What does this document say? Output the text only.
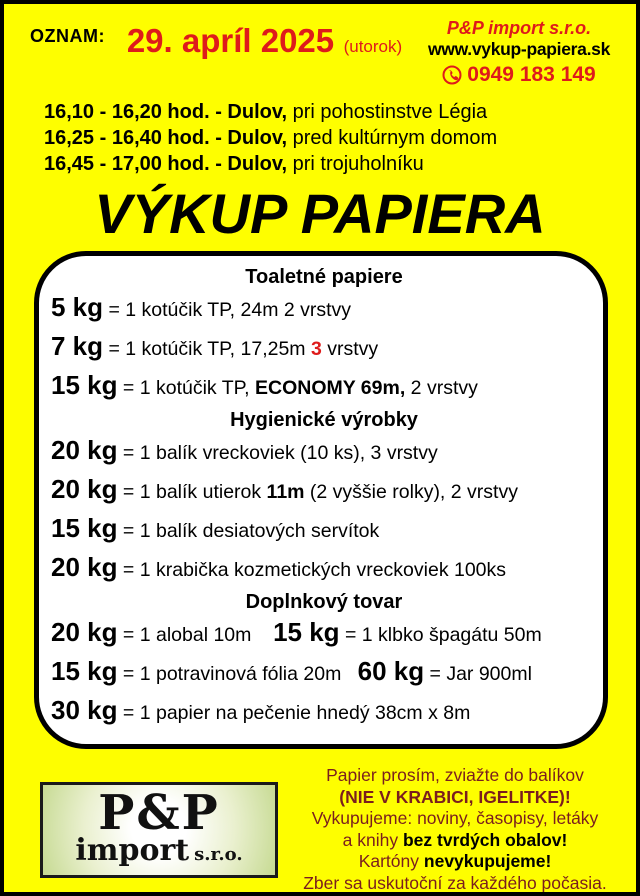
OZNAM: 29. apríl 2025 (utorok)
P&P import s.r.o.
www.vykup-papiera.sk
0949 183 149
16,10 - 16,20 hod. - Dulov, pri pohostinstve Légia
16,25 - 16,40 hod. - Dulov, pred kultúrnym domom
16,45 - 17,00 hod. - Dulov, pri trojuholníku
VÝKUP PAPIERA
Toaletné papiere
5 kg = 1 kotúčik TP, 24m 2 vrstvy
7 kg = 1 kotúčik TP, 17,25m 3 vrstvy
15 kg = 1 kotúčik TP, ECONOMY 69m, 2 vrstvy
Hygienické výrobky
20 kg = 1 balík vreckoviek (10 ks), 3 vrstvy
20 kg = 1 balík utierok 11m (2 vyššie rolky), 2 vrstvy
15 kg = 1 balík desiatových servítok
20 kg = 1 krabička kozmetických vreckoviek 100ks
Doplnkový tovar
20 kg = 1 alobal 10m 15 kg = 1 klbko špagátu 50m
15 kg = 1 potravinová fólia 20m 60 kg = Jar 900ml
30 kg = 1 papier na pečenie hnedý 38cm x 8m
P&P
import s.r.o.
Papier prosím, zviažte do balíkov
(NIE V KRABICI, IGELITKE)!
Vykupujeme: noviny, časopisy, letáky
a knihy bez tvrdých obalov!
Kartóny nevykupujeme!
Zber sa uskutoční za každého počasia.
